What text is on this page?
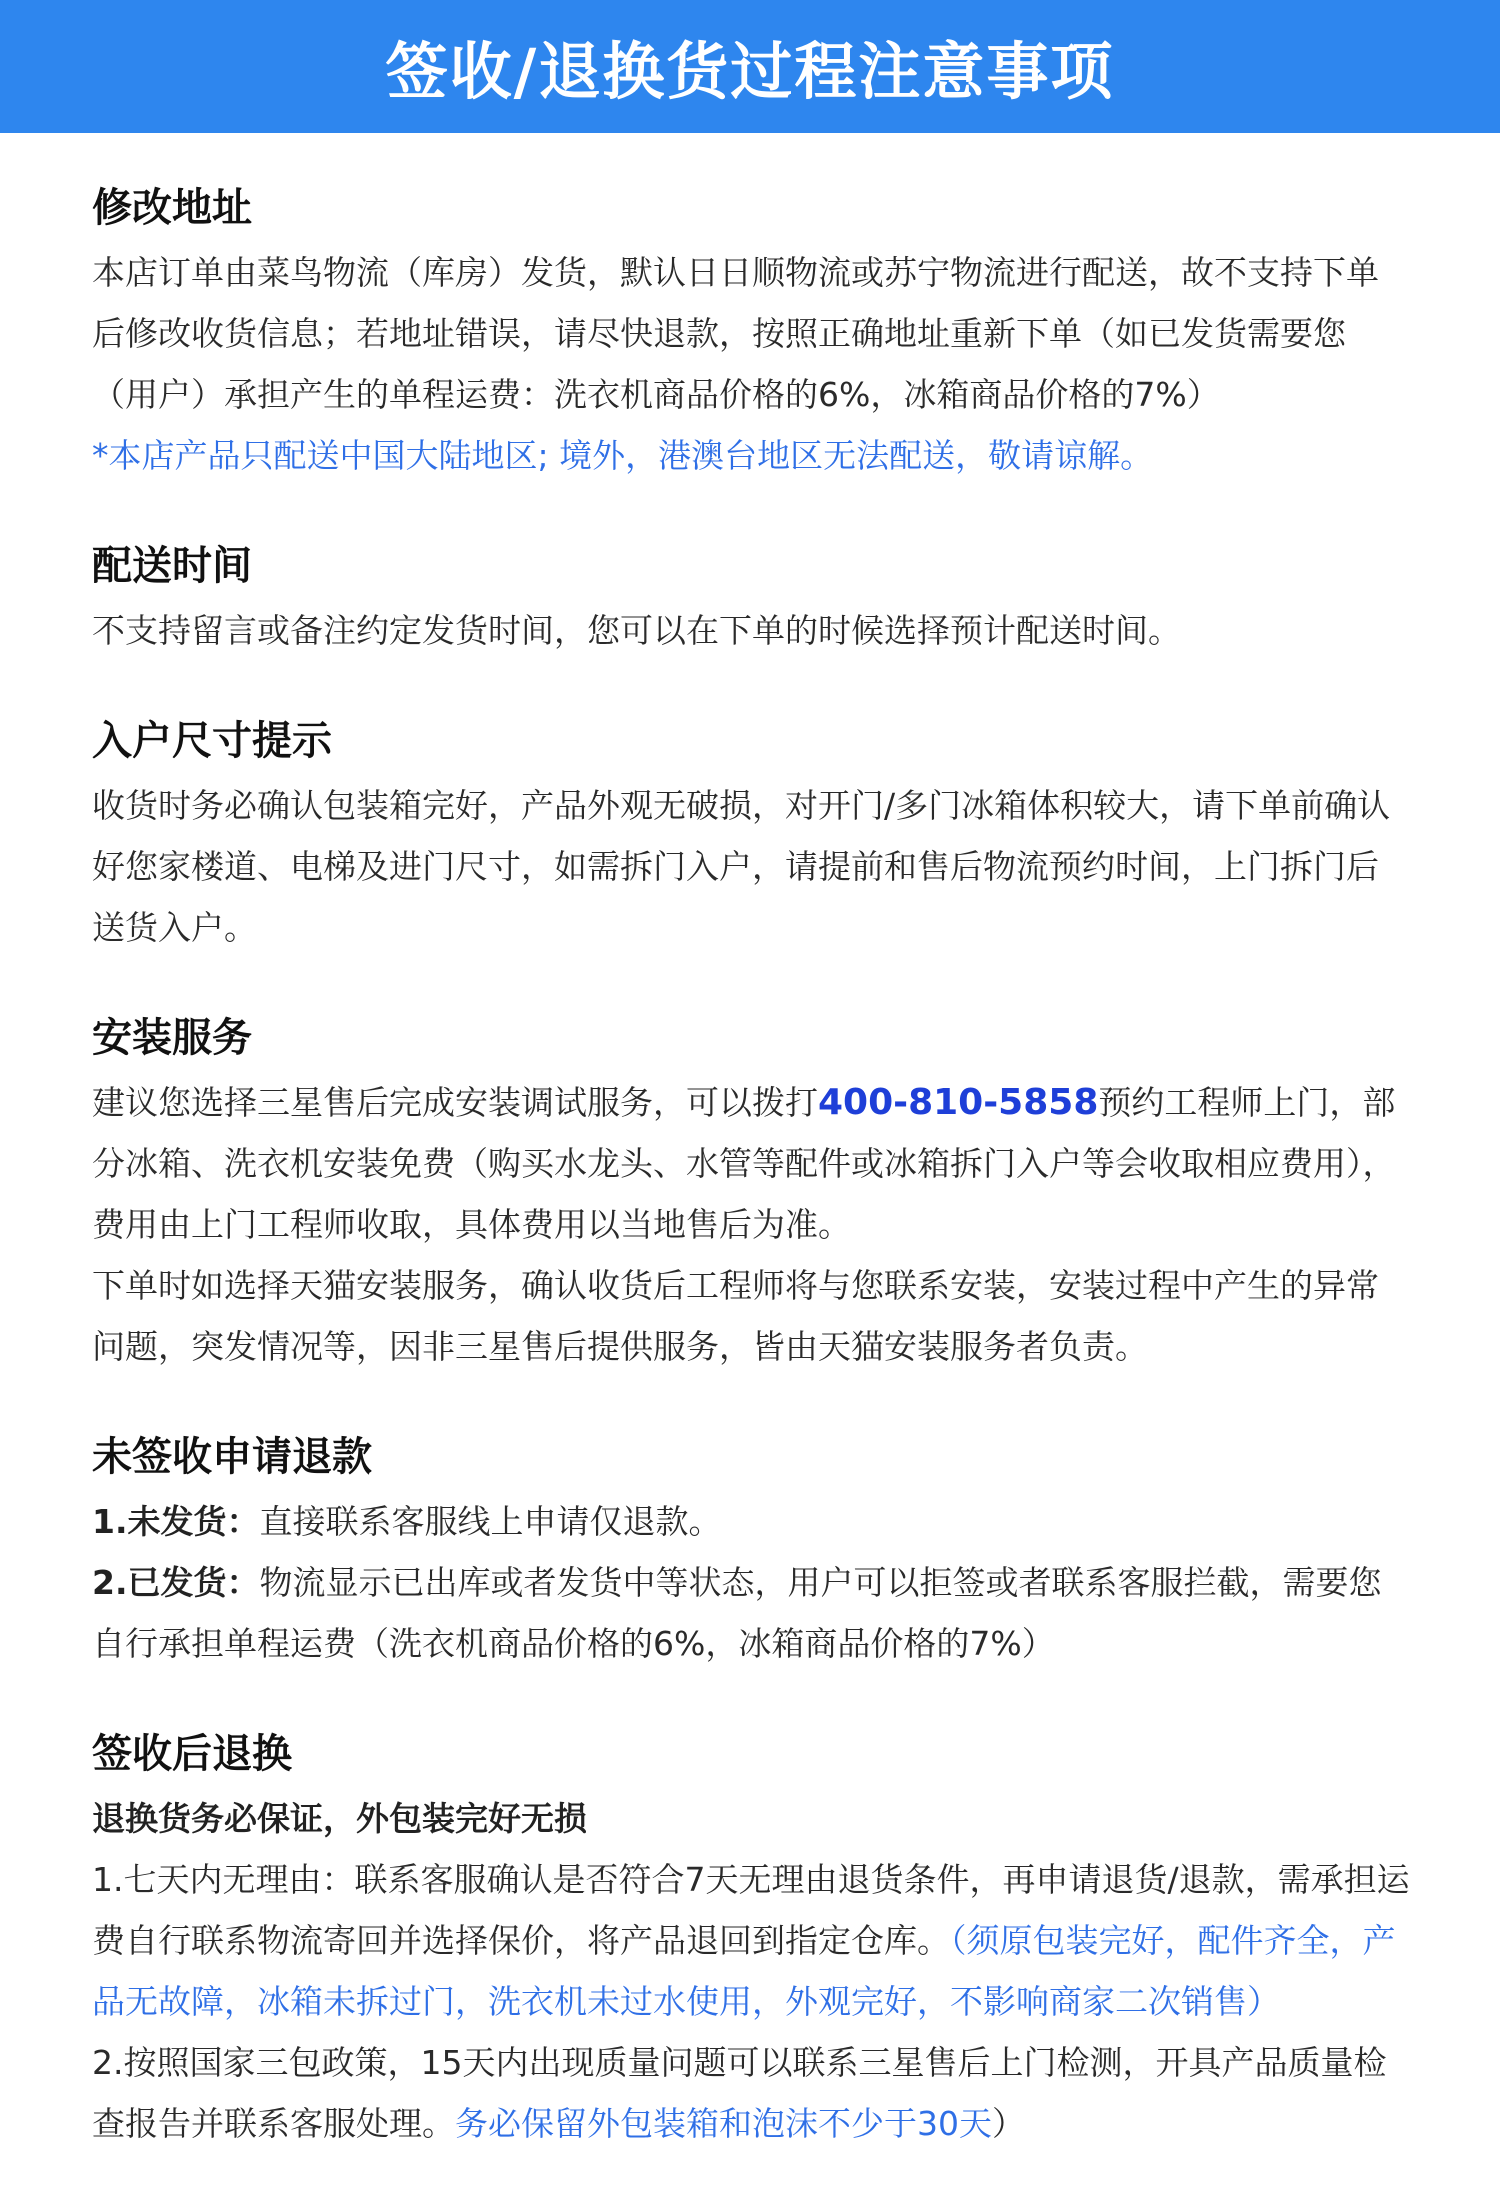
签收/退换货过程注意事项
修改地址

本店订单由菜鸟物流（库房）发货，默认日日顺物流或苏宁物流进行配送，故不支持下单后修改收货信息；若地址错误，请尽快退款，按照正确地址重新下单（如已发货需要您（用户）承担产生的单程运费：洗衣机商品价格的6%，冰箱商品价格的7%）

*本店产品只配送中国大陆地区; 境外，港澳台地区无法配送，敬请谅解。

配送时间

不支持留言或备注约定发货时间，您可以在下单的时候选择预计配送时间。

入户尺寸提示

收货时务必确认包装箱完好，产品外观无破损，对开门/多门冰箱体积较大，请下单前确认好您家楼道、电梯及进门尺寸，如需拆门入户，请提前和售后物流预约时间，上门拆门后送货入户。

安装服务

建议您选择三星售后完成安装调试服务，可以拨打400-810-5858预约工程师上门，部分冰箱、洗衣机安装免费（购买水龙头、水管等配件或冰箱拆门入户等会收取相应费用），费用由上门工程师收取，具体费用以当地售后为准。

下单时如选择天猫安装服务，确认收货后工程师将与您联系安装，安装过程中产生的异常问题，突发情况等，因非三星售后提供服务，皆由天猫安装服务者负责。

未签收申请退款

1.未发货：直接联系客服线上申请仅退款。

2.已发货：物流显示已出库或者发货中等状态，用户可以拒签或者联系客服拦截，需要您自行承担单程运费（洗衣机商品价格的6%，冰箱商品价格的7%）

签收后退换

退换货务必保证，外包装完好无损

1.七天内无理由：联系客服确认是否符合7天无理由退货条件，再申请退货/退款，需承担运费自行联系物流寄回并选择保价，将产品退回到指定仓库。（须原包装完好，配件齐全，产品无故障，冰箱未拆过门，洗衣机未过水使用，外观完好，不影响商家二次销售）

2.按照国家三包政策，15天内出现质量问题可以联系三星售后上门检测，开具产品质量检查报告并联系客服处理。务必保留外包装箱和泡沫不少于30天）
